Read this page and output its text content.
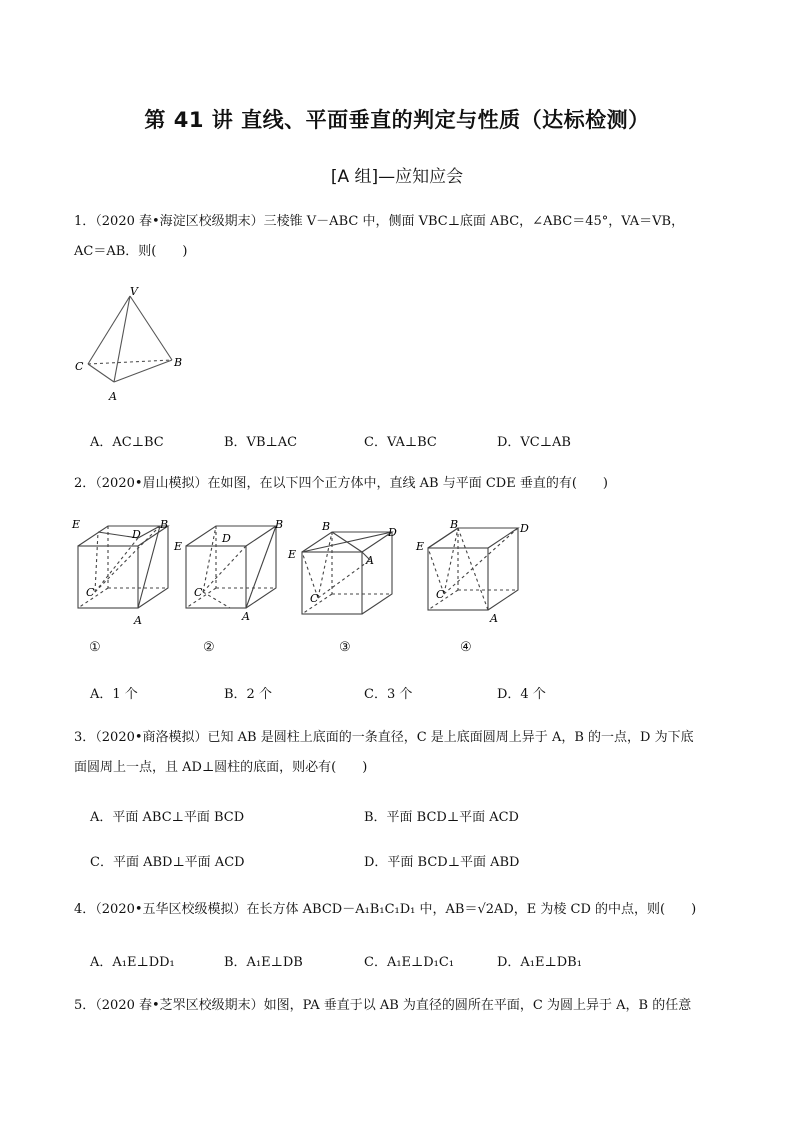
第 41 讲 直线、平面垂直的判定与性质（达标检测）
[A 组]—应知应会
1．（2020 春•海淀区校级期末）三棱锥 V－ABC 中，侧面 VBC⊥底面 ABC，∠ABC＝45°，VA＝VB，
AC＝AB．则(　　)
V
C	B
A
A．AC⊥BC	B．VB⊥AC	C．VA⊥BC	D．VC⊥AB
2．（2020•眉山模拟）在如图，在以下四个正方体中，直线 AB 与平面 CDE 垂直的有(　　)
E	B
D
C
A
E
B
D
C
A
B	D
E	A
C
B	D
E
C
A
①	②	③	④
A．1 个	B．2 个	C．3 个	D．4 个
3．（2020•商洛模拟）已知 AB 是圆柱上底面的一条直径，C 是上底面圆周上异于 A，B 的一点，D 为下底
面圆周上一点，且 AD⊥圆柱的底面，则必有(　　)
A．平面 ABC⊥平面 BCD	B．平面 BCD⊥平面 ACD
C．平面 ABD⊥平面 ACD	D．平面 BCD⊥平面 ABD
4．（2020•五华区校级模拟）在长方体 ABCD－A₁B₁C₁D₁ 中，AB＝√2AD，E 为棱 CD 的中点，则(　　)
A．A₁E⊥DD₁	B．A₁E⊥DB	C．A₁E⊥D₁C₁	D．A₁E⊥DB₁
5．（2020 春•芝罘区校级期末）如图，PA 垂直于以 AB 为直径的圆所在平面，C 为圆上异于 A，B 的任意
